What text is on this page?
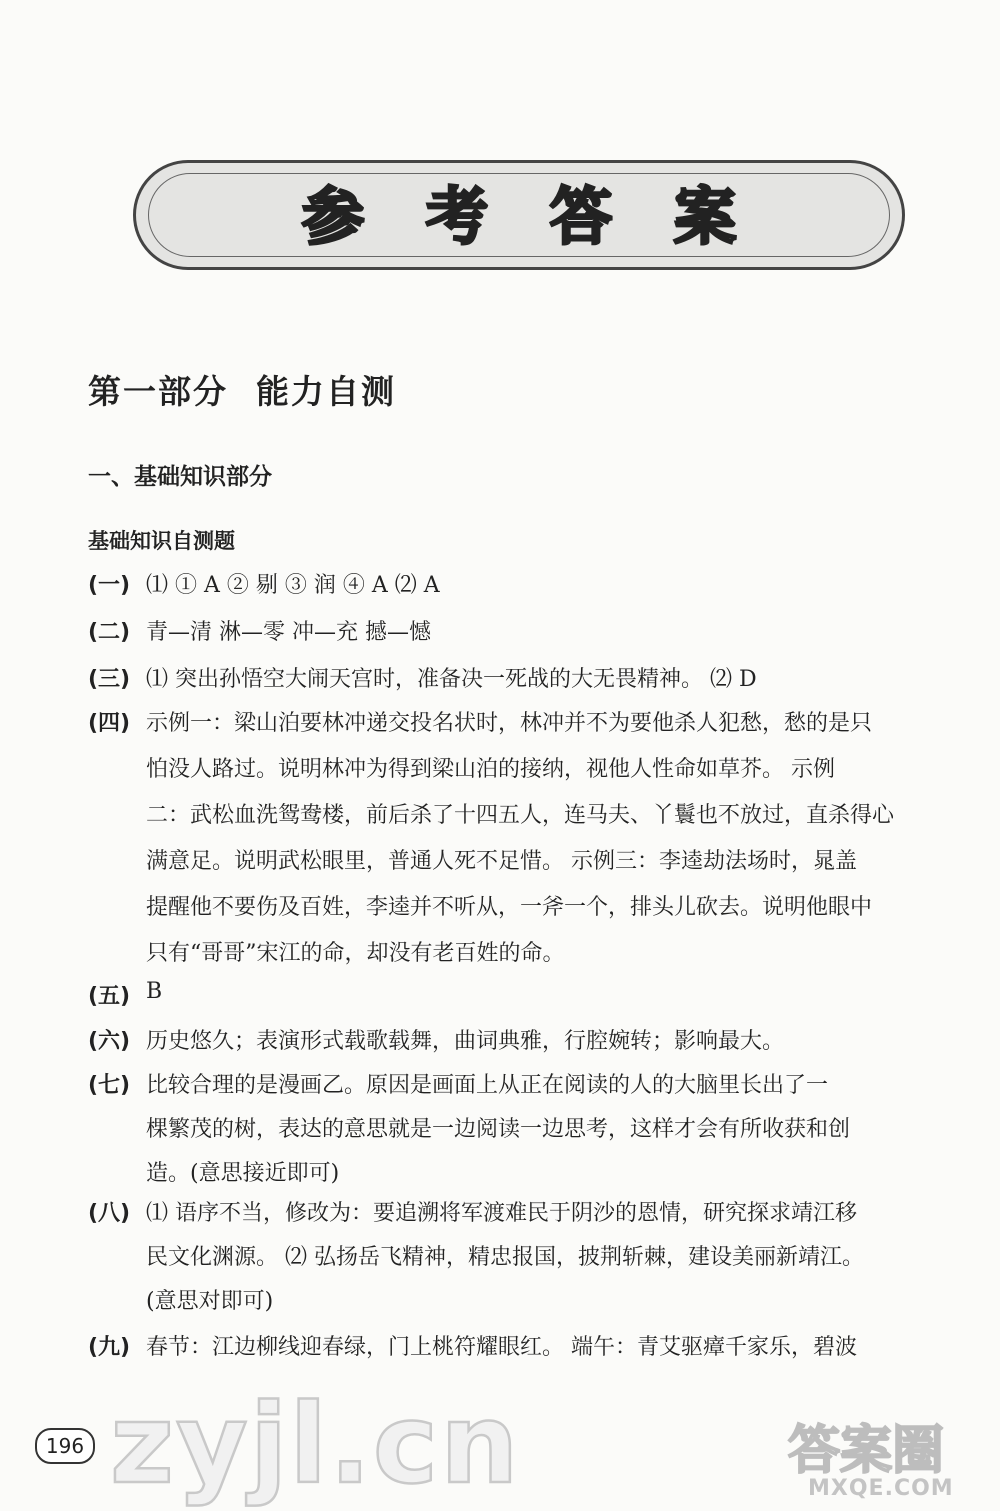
参考答案
第一部分 能力自测
一、基础知识部分
基础知识自测题
(一) ⑴ ① A ② 剔 ③ 润 ④ A ⑵ A
(二) 青—清 淋—零 冲—充 撼—憾
(三) ⑴ 突出孙悟空大闹天宫时，准备决一死战的大无畏精神。 ⑵ D
(四) 示例一：梁山泊要林冲递交投名状时，林冲并不为要他杀人犯愁，愁的是只
怕没人路过。说明林冲为得到梁山泊的接纳，视他人性命如草芥。 示例
二：武松血洗鸳鸯楼，前后杀了十四五人，连马夫、丫鬟也不放过，直杀得心
满意足。说明武松眼里，普通人死不足惜。 示例三：李逵劫法场时，晁盖
提醒他不要伤及百姓，李逵并不听从，一斧一个，排头儿砍去。说明他眼中
只有“哥哥”宋江的命，却没有老百姓的命。
(五) B
(六) 历史悠久；表演形式载歌载舞，曲词典雅，行腔婉转；影响最大。
(七) 比较合理的是漫画乙。原因是画面上从正在阅读的人的大脑里长出了一
棵繁茂的树，表达的意思就是一边阅读一边思考，这样才会有所收获和创
造。(意思接近即可)
(八) ⑴ 语序不当，修改为：要追溯将军渡难民于阴沙的恩情，研究探求靖江移
民文化渊源。 ⑵ 弘扬岳飞精神，精忠报国，披荆斩棘，建设美丽新靖江。
(意思对即可)
(九) 春节：江边柳线迎春绿，门上桃符耀眼红。 端午：青艾驱瘴千家乐，碧波
zyjl.cn
196	答案圈
MXQE.COM
